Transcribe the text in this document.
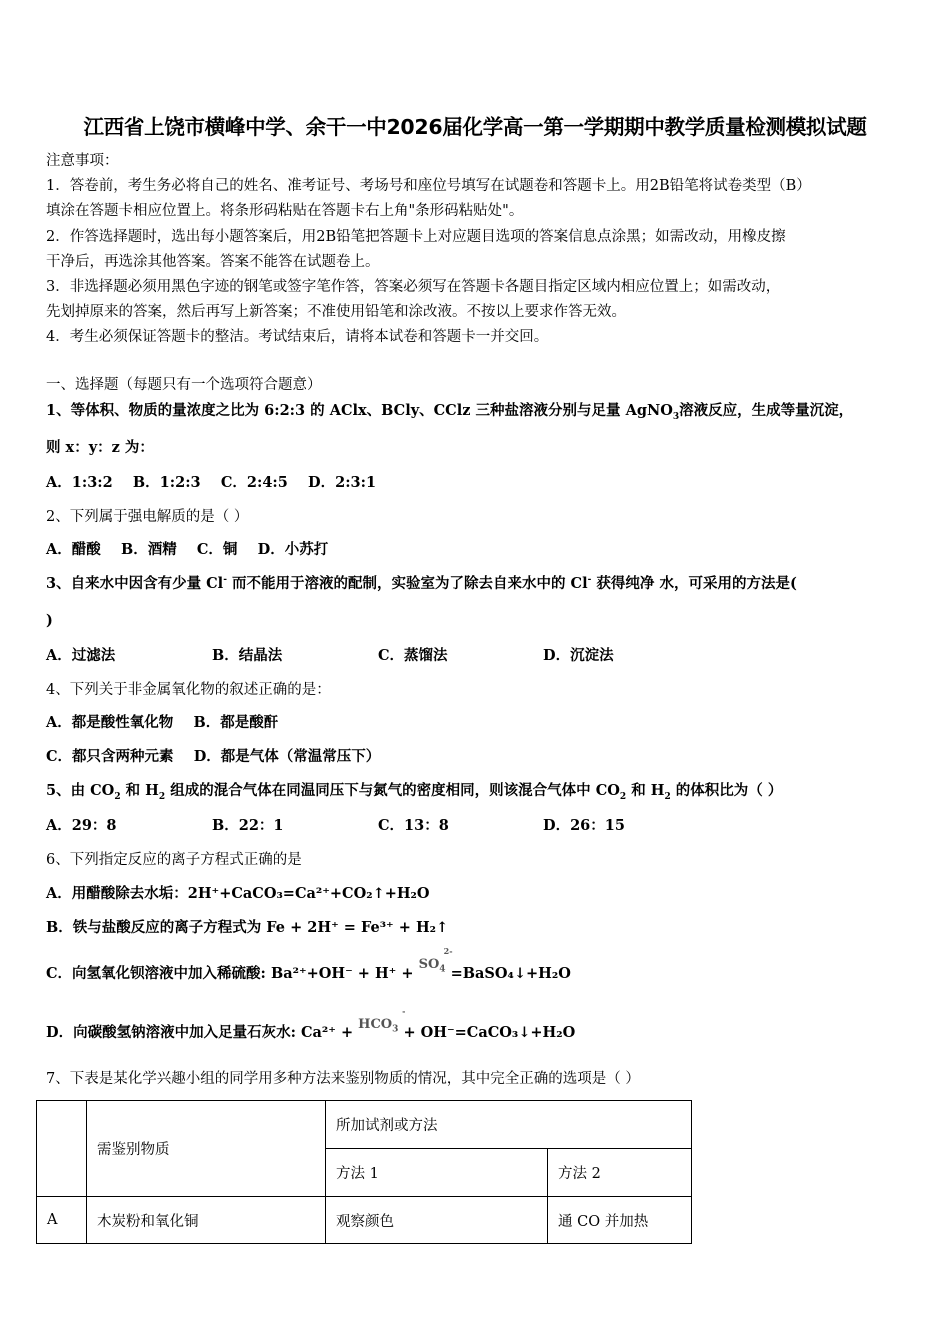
江西省上饶市横峰中学、余干一中2026届化学高一第一学期期中教学质量检测模拟试题
注意事项：
1．答卷前，考生务必将自己的姓名、准考证号、考场号和座位号填写在试题卷和答题卡上。用2B铅笔将试卷类型（B）
填涂在答题卡相应位置上。将条形码粘贴在答题卡右上角"条形码粘贴处"。
2．作答选择题时，选出每小题答案后，用2B铅笔把答题卡上对应题目选项的答案信息点涂黑；如需改动，用橡皮擦
干净后，再选涂其他答案。答案不能答在试题卷上。
3．非选择题必须用黑色字迹的钢笔或签字笔作答，答案必须写在答题卡各题目指定区域内相应位置上；如需改动，
先划掉原来的答案，然后再写上新答案；不准使用铅笔和涂改液。不按以上要求作答无效。
4．考生必须保证答题卡的整洁。考试结束后，请将本试卷和答题卡一并交回。
一、选择题（每题只有一个选项符合题意）
1、等体积、物质的量浓度之比为 6:2:3 的 AClx、BCly、CClz 三种盐溶液分别与足量 AgNO$_3$溶液反应，生成等量沉淀，
则 x：y：z 为：
A．1:3:2    B．1:2:3    C．2:4:5    D．2:3:1
2、下列属于强电解质的是（ ）
A．醋酸    B．酒精    C．铜    D．小苏打
3、自来水中因含有少量 Cl- 而不能用于溶液的配制，实验室为了除去自来水中的 Cl- 获得纯净 水，可采用的方法是(
)
A．过滤法	B．结晶法	C．蒸馏法	D．沉淀法
4、下列关于非金属氧化物的叙述正确的是：
A．都是酸性氧化物    B．都是酸酐
C．都只含两种元素    D．都是气体（常温常压下）
5、由 $CO_2$ 和 $H_2$ 组成的混合气体在同温同压下与氮气的密度相同，则该混合气体中 $CO_2$ 和 $H_2$ 的体积比为（ ）
A．29：8	B．22：1	C．13：8	D．26：15
6、下列指定反应的离子方程式正确的是
A．用醋酸除去水垢：2H⁺+CaCO₃=Ca²⁺+CO₂↑+H₂O
B．铁与盐酸反应的离子方程式为 Fe + 2H⁺ = Fe³⁺ + H₂↑
C．向氢氧化钡溶液中加入稀硫酸: $Ba^{2+}+OH^- + H^+ + SO_4$
2-
=BaSO₄↓+H₂O
D．向碳酸氢钠溶液中加入足量石灰水: $Ca^{2+} + HCO_3$
-
+ OH⁻=CaCO₃↓+H₂O
7、下表是某化学兴趣小组的同学用多种方法来鉴别物质的情况，其中完全正确的选项是（ ）
	需鉴别物质	所加试剂或方法	
		方法 1	方法 2
A	木炭粉和氧化铜	观察颜色	通 CO 并加热
